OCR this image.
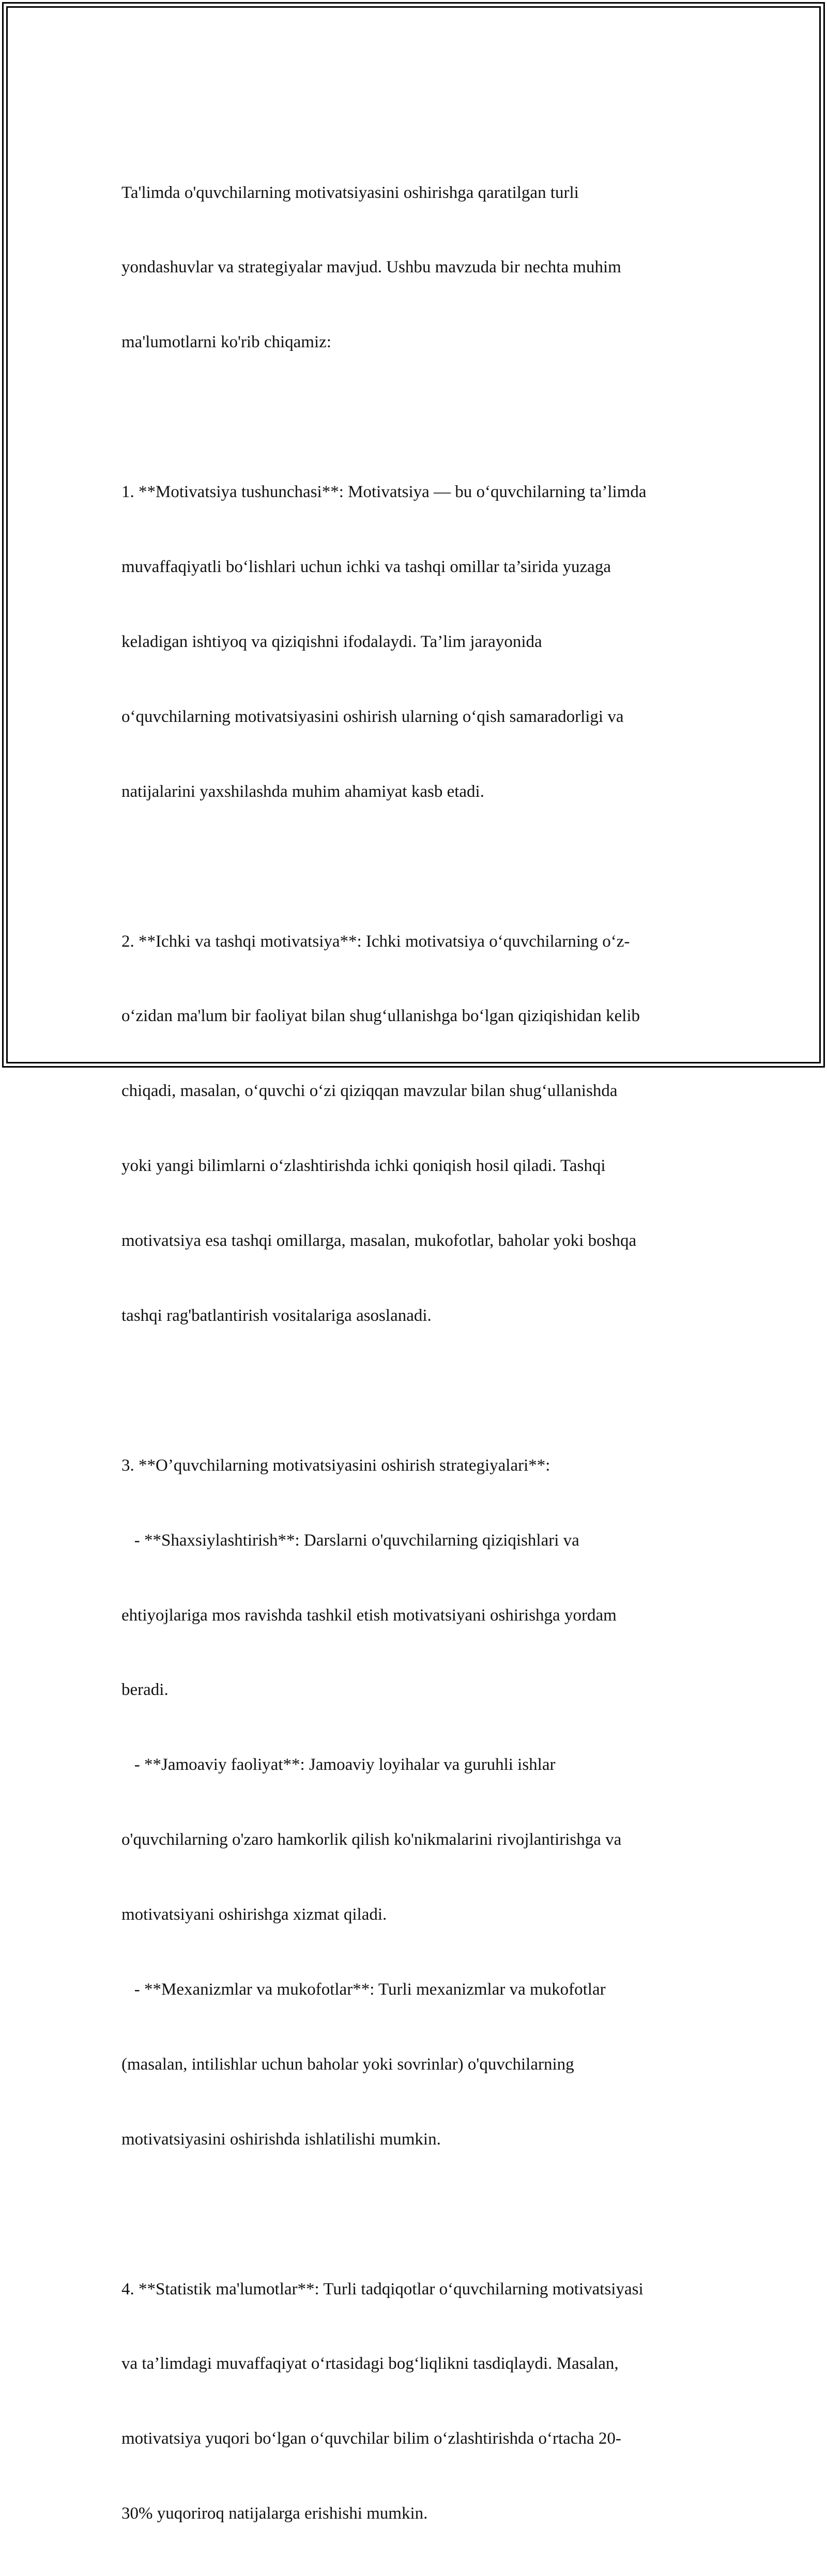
Ta'limda o'quvchilarning motivatsiyasini oshirishga qaratilgan turli

yondashuvlar va strategiyalar mavjud. Ushbu mavzuda bir nechta muhim

ma'lumotlarni ko'rib chiqamiz:

1. **Motivatsiya tushunchasi**: Motivatsiya — bu o‘quvchilarning ta’limda

muvaffaqiyatli bo‘lishlari uchun ichki va tashqi omillar ta’sirida yuzaga

keladigan ishtiyoq va qiziqishni ifodalaydi. Ta’lim jarayonida

o‘quvchilarning motivatsiyasini oshirish ularning o‘qish samaradorligi va

natijalarini yaxshilashda muhim ahamiyat kasb etadi.

2. **Ichki va tashqi motivatsiya**: Ichki motivatsiya o‘quvchilarning o‘z-

o‘zidan ma'lum bir faoliyat bilan shug‘ullanishga bo‘lgan qiziqishidan kelib

chiqadi, masalan, o‘quvchi o‘zi qiziqqan mavzular bilan shug‘ullanishda

yoki yangi bilimlarni o‘zlashtirishda ichki qoniqish hosil qiladi. Tashqi

motivatsiya esa tashqi omillarga, masalan, mukofotlar, baholar yoki boshqa

tashqi rag'batlantirish vositalariga asoslanadi.

3. **O’quvchilarning motivatsiyasini oshirish strategiyalari**:

- **Shaxsiylashtirish**: Darslarni o'quvchilarning qiziqishlari va

ehtiyojlariga mos ravishda tashkil etish motivatsiyani oshirishga yordam

beradi.

- **Jamoaviy faoliyat**: Jamoaviy loyihalar va guruhli ishlar

o'quvchilarning o'zaro hamkorlik qilish ko'nikmalarini rivojlantirishga va

motivatsiyani oshirishga xizmat qiladi.

- **Mexanizmlar va mukofotlar**: Turli mexanizmlar va mukofotlar

(masalan, intilishlar uchun baholar yoki sovrinlar) o'quvchilarning

motivatsiyasini oshirishda ishlatilishi mumkin.

4. **Statistik ma'lumotlar**: Turli tadqiqotlar o‘quvchilarning motivatsiyasi

va ta’limdagi muvaffaqiyat o‘rtasidagi bog‘liqlikni tasdiqlaydi. Masalan,

motivatsiya yuqori bo‘lgan o‘quvchilar bilim o‘zlashtirishda o‘rtacha 20-

30% yuqoriroq natijalarga erishishi mumkin.
